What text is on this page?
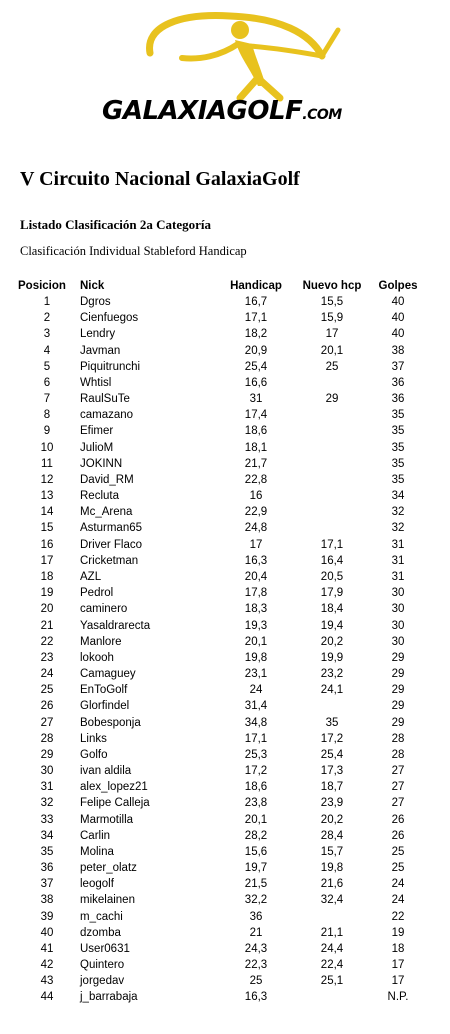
GALAXIAGOLF.COM
V Circuito Nacional GalaxiaGolf

Listado Clasificación 2a Categoría

Clasificación Individual Stableford Handicap

Posicion	Nick	Handicap	Nuevo hcp	Golpes
1	Dgros	16,7	15,5	40
2	Cienfuegos	17,1	15,9	40
3	Lendry	18,2	17	40
4	Javman	20,9	20,1	38
5	Piquitrunchi	25,4	25	37
6	Whtisl	16,6		36
7	RaulSuTe	31	29	36
8	camazano	17,4		35
9	Efimer	18,6		35
10	JulioM	18,1		35
11	JOKINN	21,7		35
12	David_RM	22,8		35
13	Recluta	16		34
14	Mc_Arena	22,9		32
15	Asturman65	24,8		32
16	Driver Flaco	17	17,1	31
17	Cricketman	16,3	16,4	31
18	AZL	20,4	20,5	31
19	Pedrol	17,8	17,9	30
20	caminero	18,3	18,4	30
21	Yasaldrarecta	19,3	19,4	30
22	Manlore	20,1	20,2	30
23	lokooh	19,8	19,9	29
24	Camaguey	23,1	23,2	29
25	EnToGolf	24	24,1	29
26	Glorfindel	31,4		29
27	Bobesponja	34,8	35	29
28	Links	17,1	17,2	28
29	Golfo	25,3	25,4	28
30	ivan aldila	17,2	17,3	27
31	alex_lopez21	18,6	18,7	27
32	Felipe Calleja	23,8	23,9	27
33	Marmotilla	20,1	20,2	26
34	Carlin	28,2	28,4	26
35	Molina	15,6	15,7	25
36	peter_olatz	19,7	19,8	25
37	leogolf	21,5	21,6	24
38	mikelainen	32,2	32,4	24
39	m_cachi	36		22
40	dzomba	21	21,1	19
41	User0631	24,3	24,4	18
42	Quintero	22,3	22,4	17
43	jorgedav	25	25,1	17
44	j_barrabaja	16,3		N.P.
